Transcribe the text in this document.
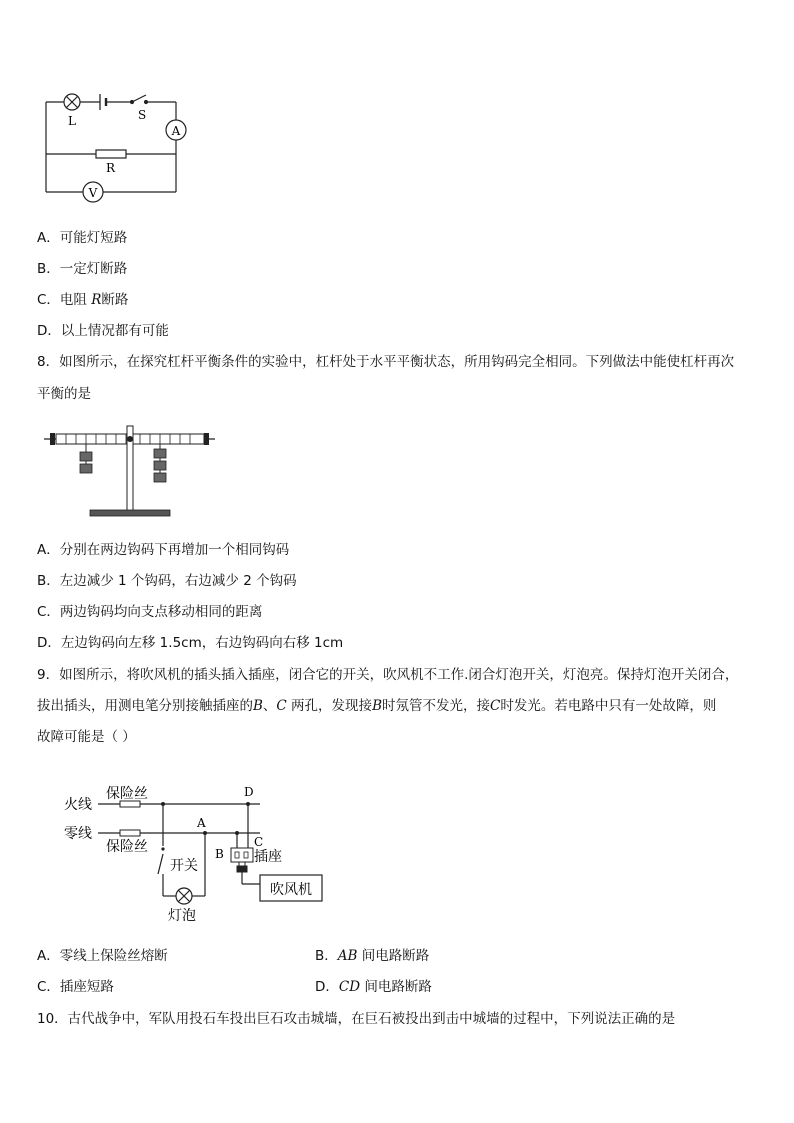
A
V
L	S
R
A．可能灯短路
B．一定灯断路
C．电阻 R断路
D．以上情况都有可能
8．如图所示，在探究杠杆平衡条件的实验中，杠杆处于水平平衡状态，所用钩码完全相同。下列做法中能使杠杆再次
平衡的是
A．分别在两边钩码下再增加一个相同钩码
B．左边减少 1 个钩码，右边减少 2 个钩码
C．两边钩码均向支点移动相同的距离
D．左边钩码向左移 1.5cm，右边钩码向右移 1cm
9．如图所示，将吹风机的插头插入插座，闭合它的开关，吹风机不工作.闭合灯泡开关，灯泡亮。保持灯泡开关闭合，
拔出插头，用测电笔分别接触插座的B、C 两孔，发现接B时氖管不发光，接C时发光。若电路中只有一处故障，则
故障可能是（ ）
吹风机
火线
零线
保险丝
保险丝
A
B
C
D
开关
灯泡
插座
A．零线上保险丝熔断	B．AB 间电路断路
C．插座短路	D．CD 间电路断路
10．古代战争中，军队用投石车投出巨石攻击城墙，在巨石被投出到击中城墙的过程中，下列说法正确的是
